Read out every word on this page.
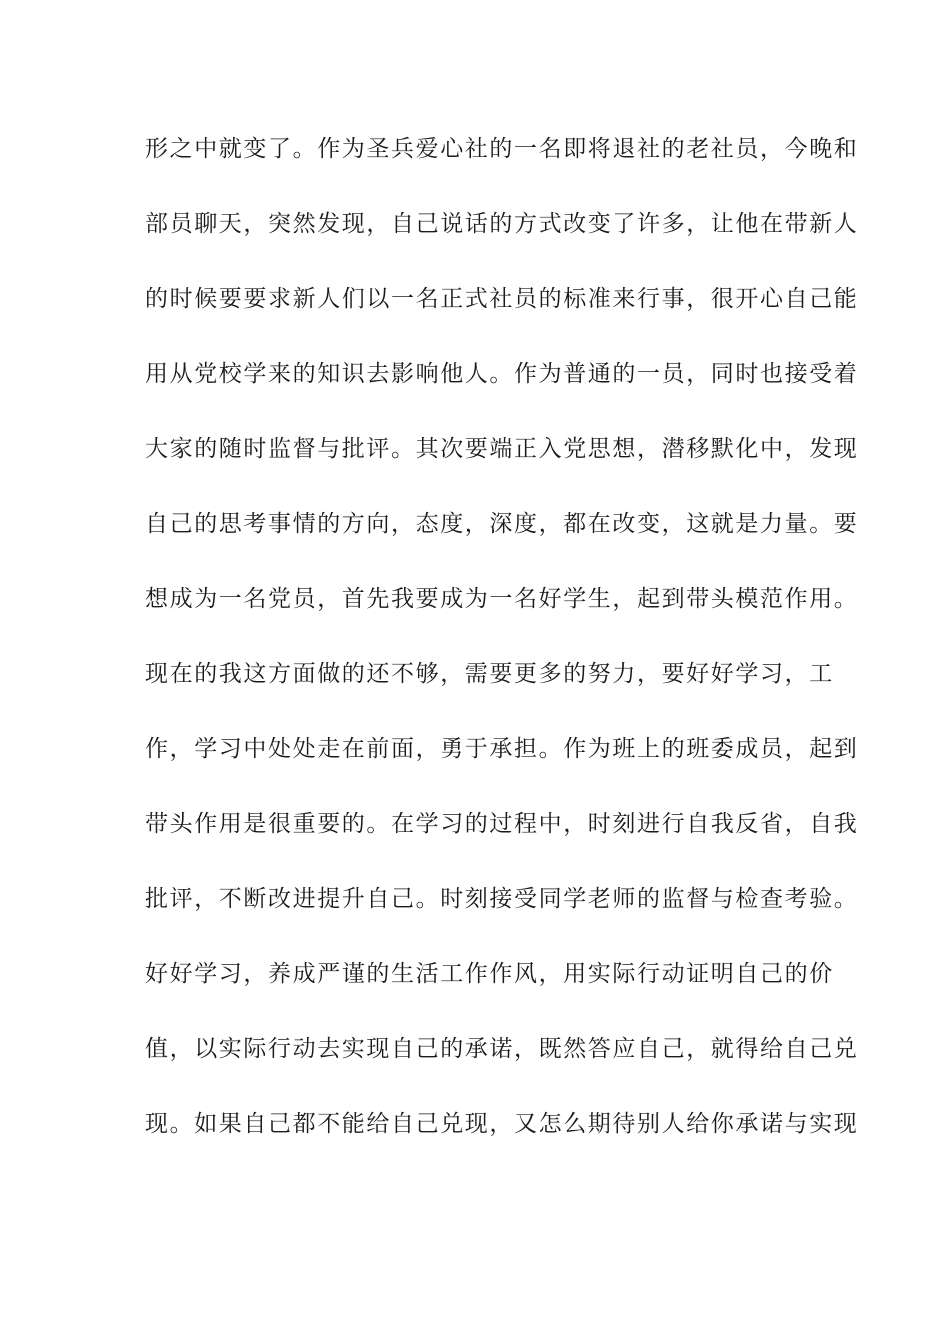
形之中就变了。作为圣兵爱心社的一名即将退社的老社员，今晚和
部员聊天，突然发现，自己说话的方式改变了许多，让他在带新人
的时候要要求新人们以一名正式社员的标准来行事，很开心自己能
用从党校学来的知识去影响他人。作为普通的一员，同时也接受着
大家的随时监督与批评。其次要端正入党思想，潜移默化中，发现
自己的思考事情的方向，态度，深度，都在改变，这就是力量。要
想成为一名党员，首先我要成为一名好学生，起到带头模范作用。
现在的我这方面做的还不够，需要更多的努力，要好好学习，工
作，学习中处处走在前面，勇于承担。作为班上的班委成员，起到
带头作用是很重要的。在学习的过程中，时刻进行自我反省，自我
批评，不断改进提升自己。时刻接受同学老师的监督与检查考验。
好好学习，养成严谨的生活工作作风，用实际行动证明自己的价
值，以实际行动去实现自己的承诺，既然答应自己，就得给自己兑
现。如果自己都不能给自己兑现，又怎么期待别人给你承诺与实现
